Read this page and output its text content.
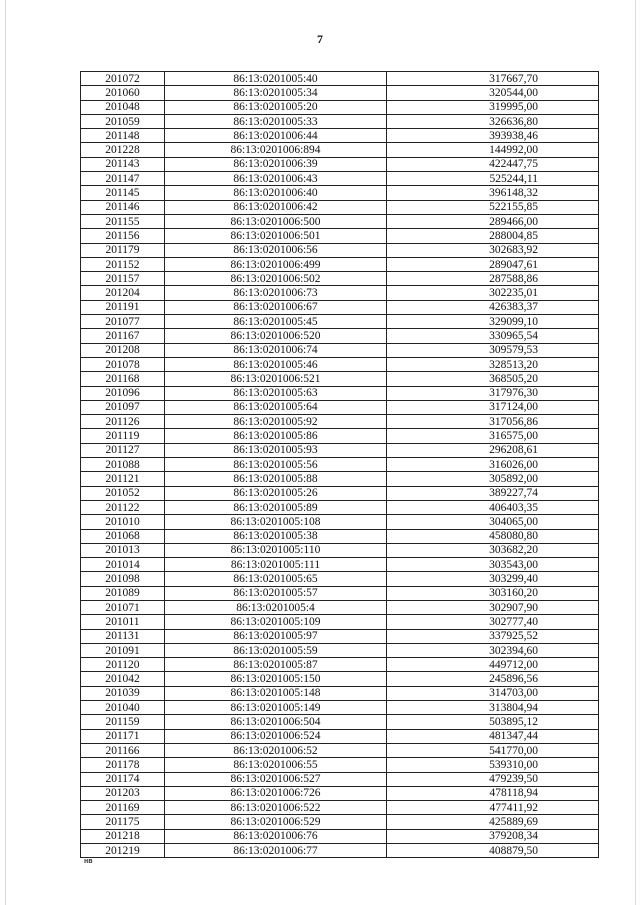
7
201072	86:13:0201005:40	317667,70
201060	86:13:0201005:34	320544,00
201048	86:13:0201005:20	319995,00
201059	86:13:0201005:33	326636,80
201148	86:13:0201006:44	393938,46
201228	86:13:0201006:894	144992,00
201143	86:13:0201006:39	422447,75
201147	86:13:0201006:43	525244,11
201145	86:13:0201006:40	396148,32
201146	86:13:0201006:42	522155,85
201155	86:13:0201006:500	289466,00
201156	86:13:0201006:501	288004,85
201179	86:13:0201006:56	302683,92
201152	86:13:0201006:499	289047,61
201157	86:13:0201006:502	287588,86
201204	86:13:0201006:73	302235,01
201191	86:13:0201006:67	426383,37
201077	86:13:0201005:45	329099,10
201167	86:13:0201006:520	330965,54
201208	86:13:0201006:74	309579,53
201078	86:13:0201005:46	328513,20
201168	86:13:0201006:521	368505,20
201096	86:13:0201005:63	317976,30
201097	86:13:0201005:64	317124,00
201126	86:13:0201005:92	317056,86
201119	86:13:0201005:86	316575,00
201127	86:13:0201005:93	296208,61
201088	86:13:0201005:56	316026,00
201121	86:13:0201005:88	305892,00
201052	86:13:0201005:26	389227,74
201122	86:13:0201005:89	406403,35
201010	86:13:0201005:108	304065,00
201068	86:13:0201005:38	458080,80
201013	86:13:0201005:110	303682,20
201014	86:13:0201005:111	303543,00
201098	86:13:0201005:65	303299,40
201089	86:13:0201005:57	303160,20
201071	86:13:0201005:4	302907,90
201011	86:13:0201005:109	302777,40
201131	86:13:0201005:97	337925,52
201091	86:13:0201005:59	302394,60
201120	86:13:0201005:87	449712,00
201042	86:13:0201005:150	245896,56
201039	86:13:0201005:148	314703,00
201040	86:13:0201005:149	313804,94
201159	86:13:0201006:504	503895,12
201171	86:13:0201006:524	481347,44
201166	86:13:0201006:52	541770,00
201178	86:13:0201006:55	539310,00
201174	86:13:0201006:527	479239,50
201203	86:13:0201006:726	478118,94
201169	86:13:0201006:522	477411,92
201175	86:13:0201006:529	425889,69
201218	86:13:0201006:76	379208,34
201219	86:13:0201006:77	408879,50
нв
